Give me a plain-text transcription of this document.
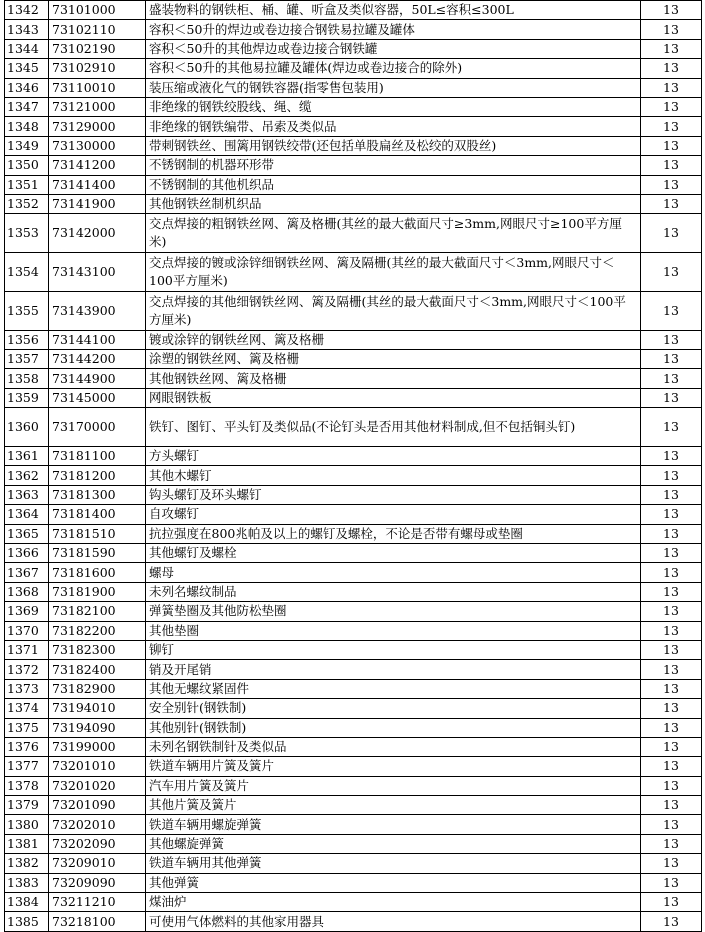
1342	73101000	盛装物料的钢铁柜、桶、罐、听盒及类似容器，50L≤容积≤300L	13
1343	73102110	容积＜50升的焊边或卷边接合钢铁易拉罐及罐体	13
1344	73102190	容积＜50升的其他焊边或卷边接合钢铁罐	13
1345	73102910	容积＜50升的其他易拉罐及罐体(焊边或卷边接合的除外)	13
1346	73110010	装压缩或液化气的钢铁容器(指零售包装用)	13
1347	73121000	非绝缘的钢铁绞股线、绳、缆	13
1348	73129000	非绝缘的钢铁编带、吊索及类似品	13
1349	73130000	带刺钢铁丝、围篱用钢铁绞带(还包括单股扁丝及松绞的双股丝)	13
1350	73141200	不锈钢制的机器环形带	13
1351	73141400	不锈钢制的其他机织品	13
1352	73141900	其他钢铁丝制机织品	13
1353	73142000	交点焊接的粗钢铁丝网、篱及格栅(其丝的最大截面尺寸≥3mm,网眼尺寸≥100平方厘米)	13
1354	73143100	交点焊接的镀或涂锌细钢铁丝网、篱及隔栅(其丝的最大截面尺寸＜3mm,网眼尺寸＜100平方厘米)	13
1355	73143900	交点焊接的其他细钢铁丝网、篱及隔栅(其丝的最大截面尺寸＜3mm,网眼尺寸＜100平方厘米)	13
1356	73144100	镀或涂锌的钢铁丝网、篱及格栅	13
1357	73144200	涂塑的钢铁丝网、篱及格栅	13
1358	73144900	其他钢铁丝网、篱及格栅	13
1359	73145000	网眼钢铁板	13
1360	73170000	铁钉、图钉、平头钉及类似品(不论钉头是否用其他材料制成,但不包括铜头钉)	13
1361	73181100	方头螺钉	13
1362	73181200	其他木螺钉	13
1363	73181300	钩头螺钉及环头螺钉	13
1364	73181400	自攻螺钉	13
1365	73181510	抗拉强度在800兆帕及以上的螺钉及螺栓，不论是否带有螺母或垫圈	13
1366	73181590	其他螺钉及螺栓	13
1367	73181600	螺母	13
1368	73181900	未列名螺纹制品	13
1369	73182100	弹簧垫圈及其他防松垫圈	13
1370	73182200	其他垫圈	13
1371	73182300	铆钉	13
1372	73182400	销及开尾销	13
1373	73182900	其他无螺纹紧固件	13
1374	73194010	安全别针(钢铁制)	13
1375	73194090	其他别针(钢铁制)	13
1376	73199000	未列名钢铁制针及类似品	13
1377	73201010	铁道车辆用片簧及簧片	13
1378	73201020	汽车用片簧及簧片	13
1379	73201090	其他片簧及簧片	13
1380	73202010	铁道车辆用螺旋弹簧	13
1381	73202090	其他螺旋弹簧	13
1382	73209010	铁道车辆用其他弹簧	13
1383	73209090	其他弹簧	13
1384	73211210	煤油炉	13
1385	73218100	可使用气体燃料的其他家用器具	13
